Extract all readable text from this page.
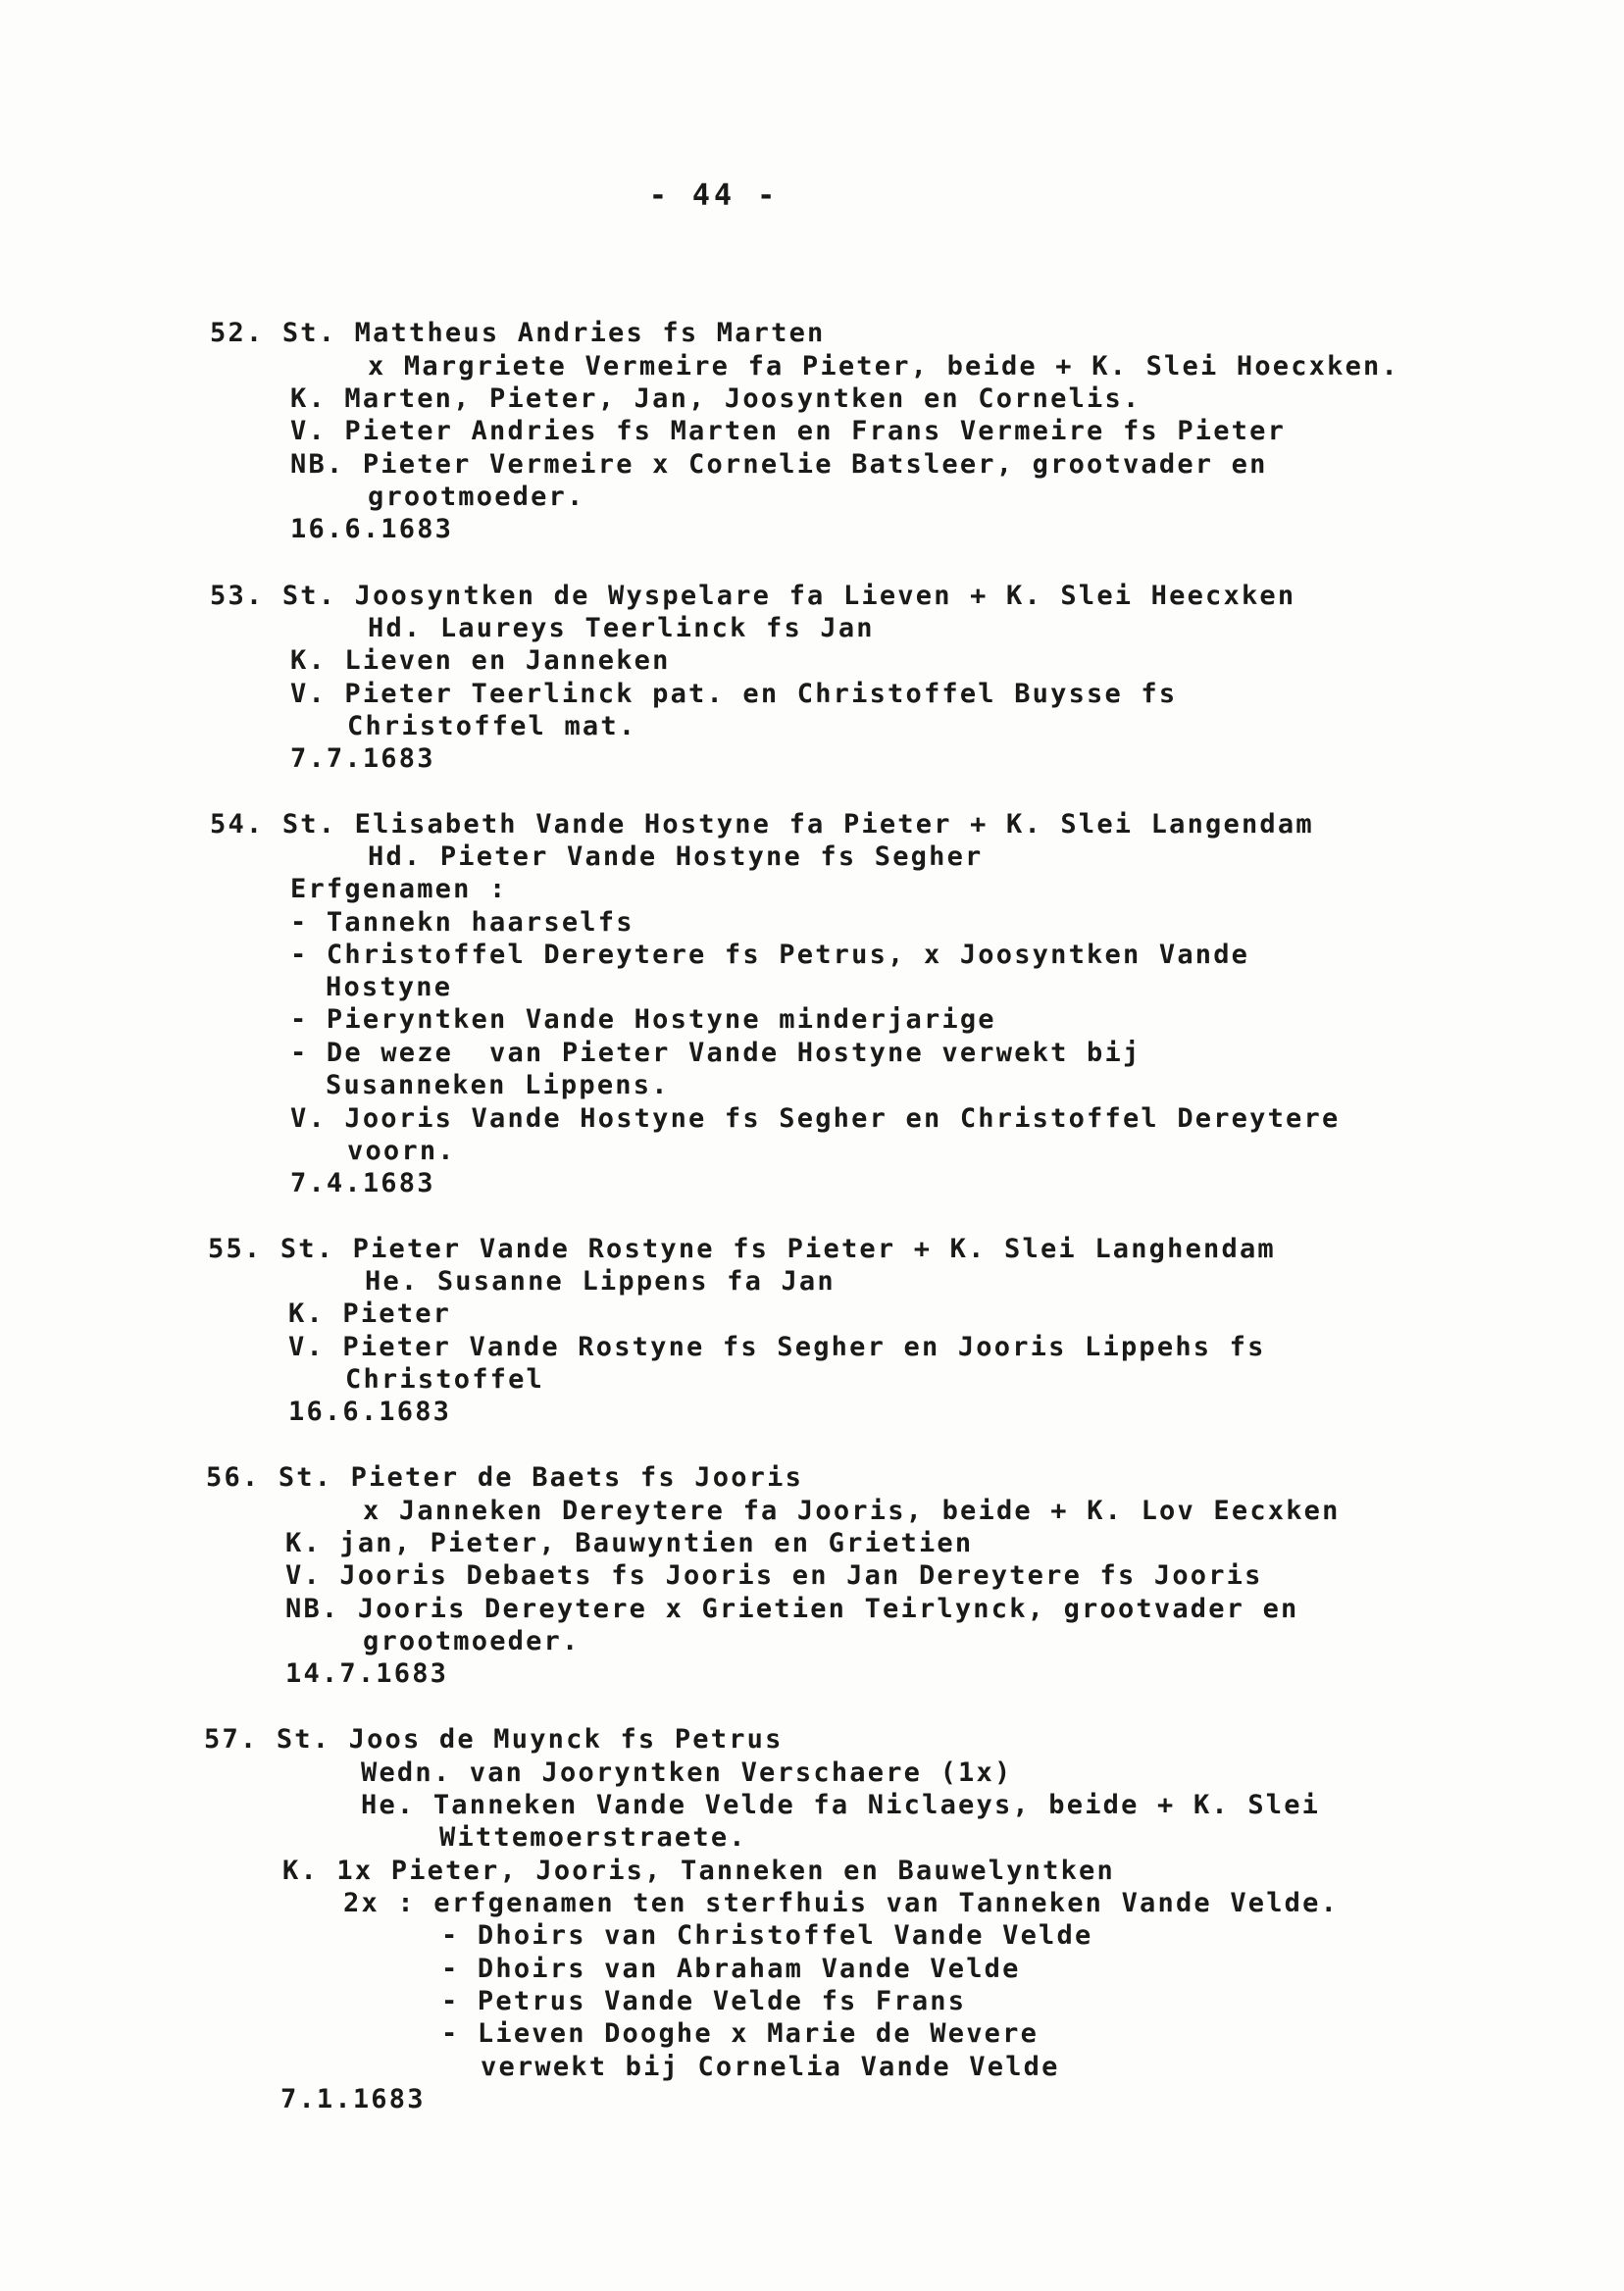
- 44 -
52. St. Mattheus Andries fs Marten
x Margriete Vermeire fa Pieter, beide + K. Slei Hoecxken.
K. Marten, Pieter, Jan, Joosyntken en Cornelis.
V. Pieter Andries fs Marten en Frans Vermeire fs Pieter
NB. Pieter Vermeire x Cornelie Batsleer, grootvader en
grootmoeder.
16.6.1683
53. St. Joosyntken de Wyspelare fa Lieven + K. Slei Heecxken
Hd. Laureys Teerlinck fs Jan
K. Lieven en Janneken
V. Pieter Teerlinck pat. en Christoffel Buysse fs
Christoffel mat.
7.7.1683
54. St. Elisabeth Vande Hostyne fa Pieter + K. Slei Langendam
Hd. Pieter Vande Hostyne fs Segher
Erfgenamen :
- Tannekn haarselfs
- Christoffel Dereytere fs Petrus, x Joosyntken Vande
Hostyne
- Pieryntken Vande Hostyne minderjarige
- De weze  van Pieter Vande Hostyne verwekt bij
Susanneken Lippens.
V. Jooris Vande Hostyne fs Segher en Christoffel Dereytere
voorn.
7.4.1683
55. St. Pieter Vande Rostyne fs Pieter + K. Slei Langhendam
He. Susanne Lippens fa Jan
K. Pieter
V. Pieter Vande Rostyne fs Segher en Jooris Lippehs fs
Christoffel
16.6.1683
56. St. Pieter de Baets fs Jooris
x Janneken Dereytere fa Jooris, beide + K. Lov Eecxken
K. jan, Pieter, Bauwyntien en Grietien
V. Jooris Debaets fs Jooris en Jan Dereytere fs Jooris
NB. Jooris Dereytere x Grietien Teirlynck, grootvader en
grootmoeder.
14.7.1683
57. St. Joos de Muynck fs Petrus
Wedn. van Jooryntken Verschaere (1x)
He. Tanneken Vande Velde fa Niclaeys, beide + K. Slei
Wittemoerstraete.
K. 1x Pieter, Jooris, Tanneken en Bauwelyntken
2x : erfgenamen ten sterfhuis van Tanneken Vande Velde.
- Dhoirs van Christoffel Vande Velde
- Dhoirs van Abraham Vande Velde
- Petrus Vande Velde fs Frans
- Lieven Dooghe x Marie de Wevere
verwekt bij Cornelia Vande Velde
7.1.1683
